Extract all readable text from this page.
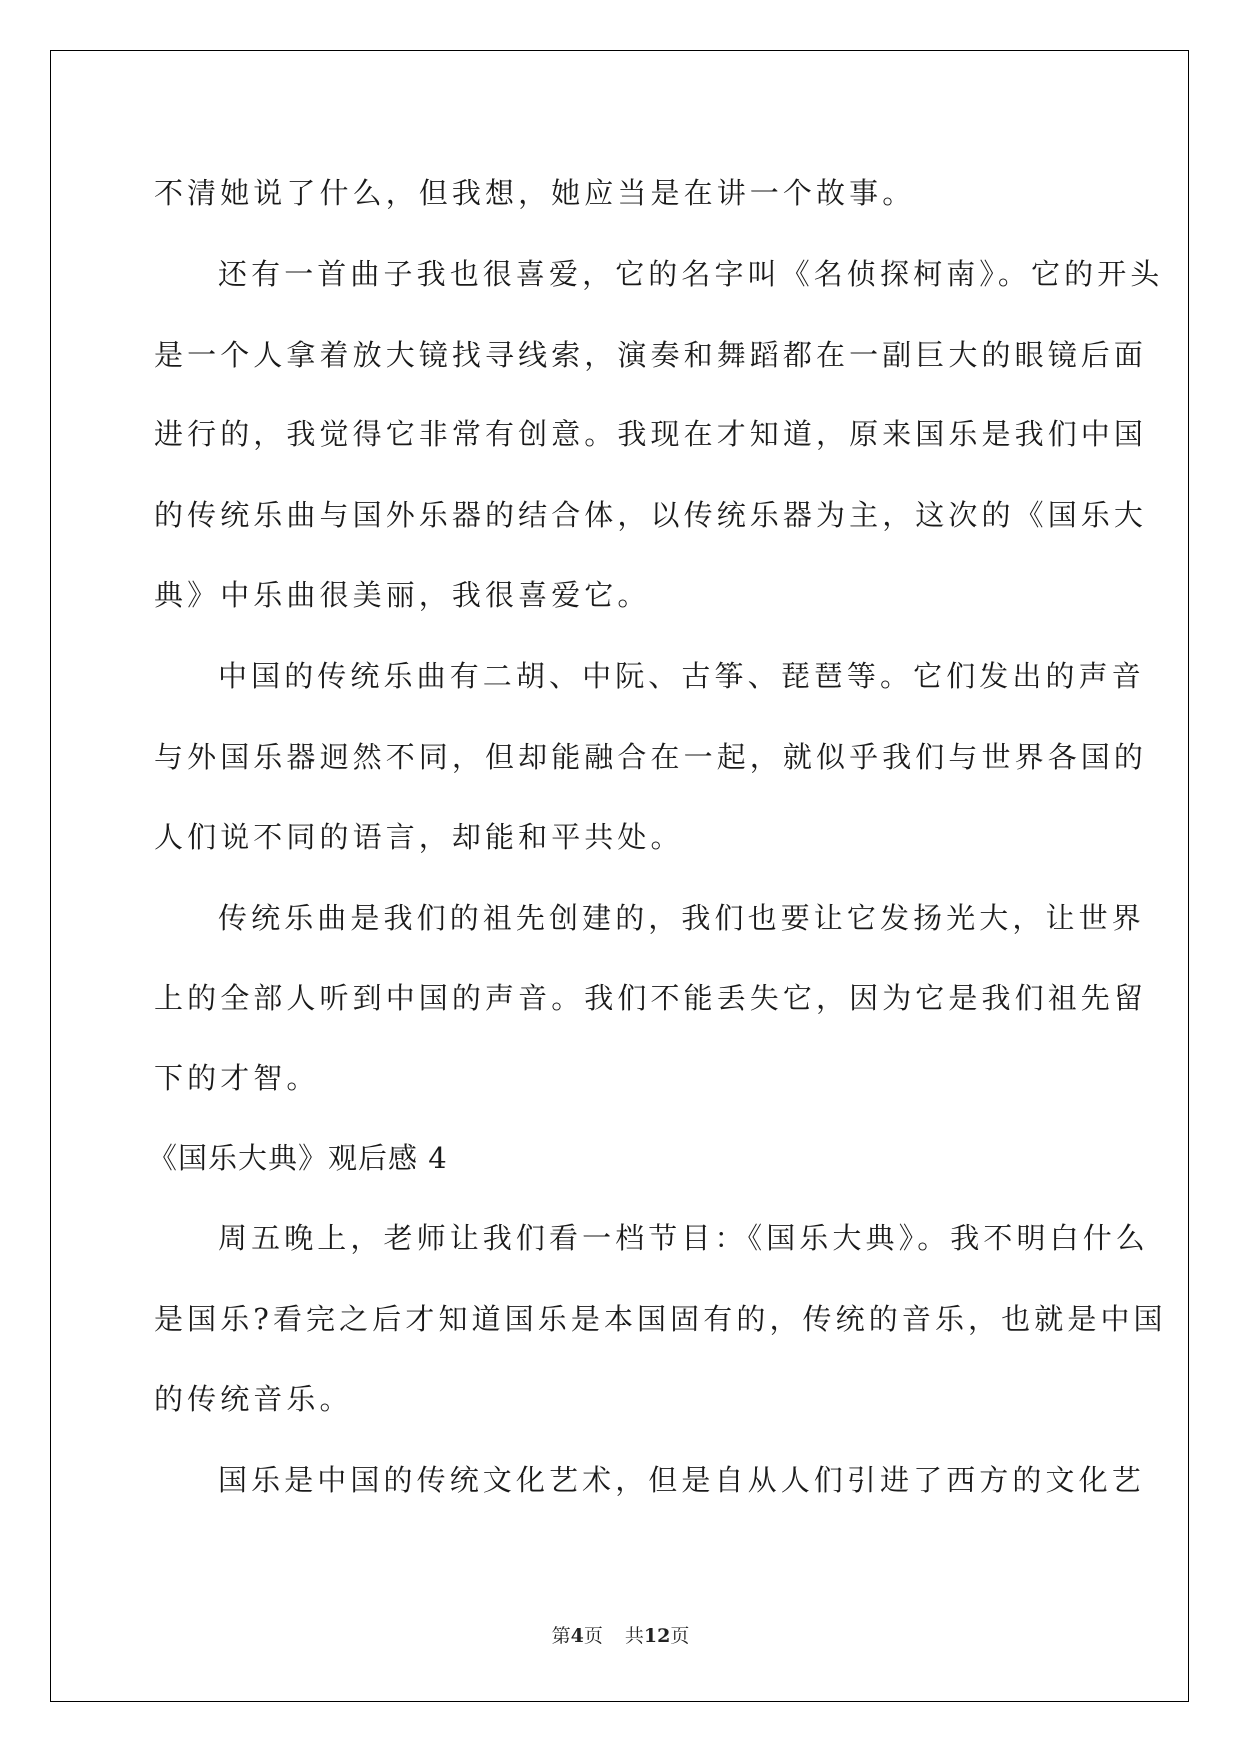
不清她说了什么，但我想，她应当是在讲一个故事。
还有一首曲子我也很喜爱，它的名字叫《名侦探柯南》。它的开头
是一个人拿着放大镜找寻线索，演奏和舞蹈都在一副巨大的眼镜后面
进行的，我觉得它非常有创意。我现在才知道，原来国乐是我们中国
的传统乐曲与国外乐器的结合体，以传统乐器为主，这次的《国乐大
典》中乐曲很美丽，我很喜爱它。
中国的传统乐曲有二胡、中阮、古筝、琵琶等。它们发出的声音
与外国乐器迥然不同，但却能融合在一起，就似乎我们与世界各国的
人们说不同的语言，却能和平共处。
传统乐曲是我们的祖先创建的，我们也要让它发扬光大，让世界
上的全部人听到中国的声音。我们不能丢失它，因为它是我们祖先留
下的才智。
《国乐大典》观后感 4
周五晚上，老师让我们看一档节目：《国乐大典》。我不明白什么
是国乐?看完之后才知道国乐是本国固有的，传统的音乐，也就是中国
的传统音乐。
国乐是中国的传统文化艺术，但是自从人们引进了西方的文化艺
第4页 共12页
